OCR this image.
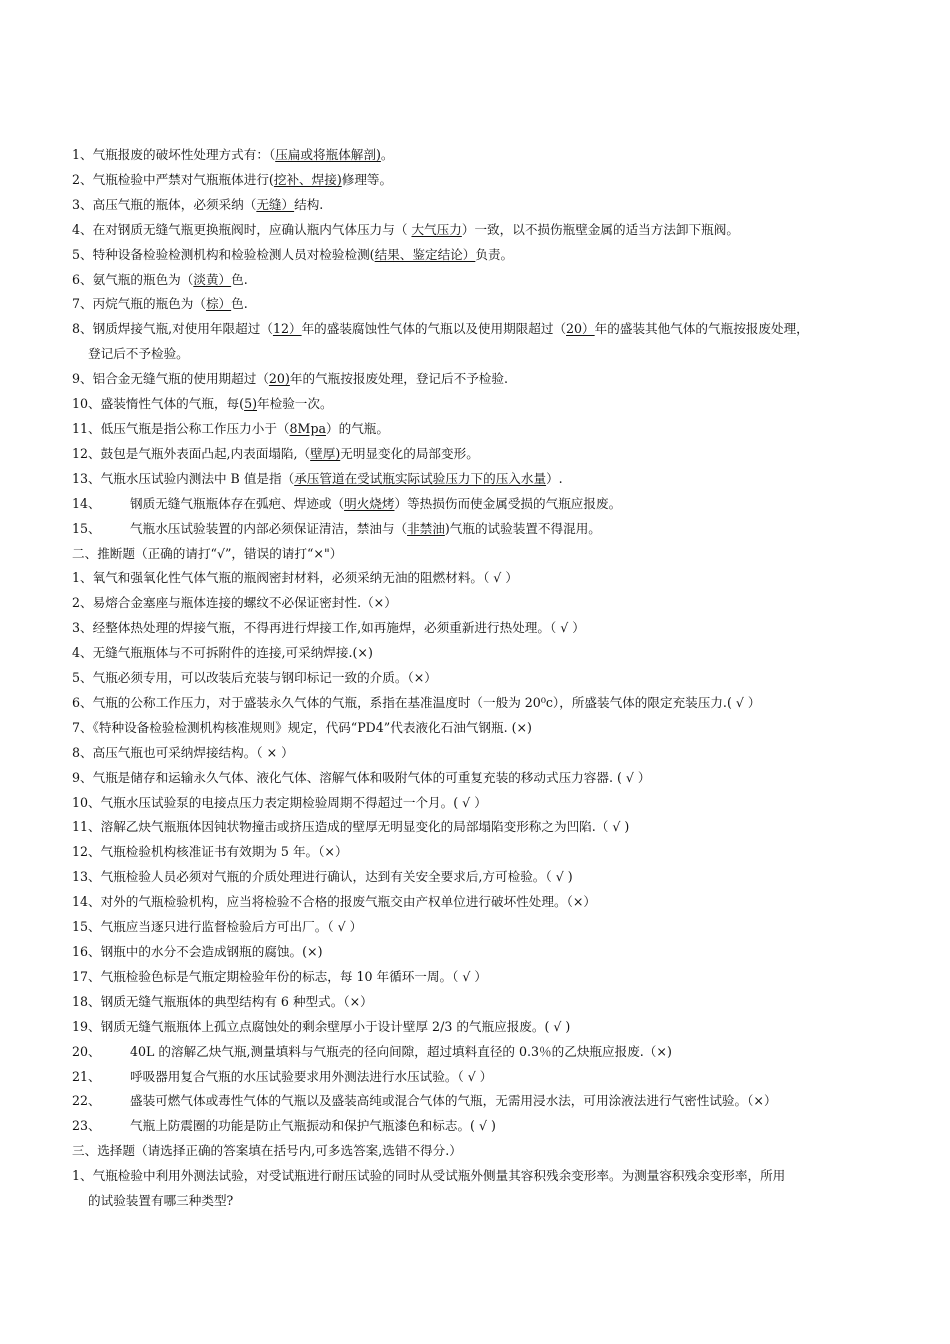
1、气瓶报废的破坏性处理方式有：（压扁或将瓶体解剖)。
2、气瓶检验中严禁对气瓶瓶体进行(挖补、焊接)修理等。
3、高压气瓶的瓶体，必须采纳（无缝）结构.
4、在对钢质无缝气瓶更换瓶阀时，应确认瓶内气体压力与（ 大气压力）一致，以不损伤瓶壁金属的适当方法卸下瓶阀。
5、特种设备检验检测机构和检验检测人员对检验检测(结果、鉴定结论）负责。
6、氨气瓶的瓶色为（淡黄）色.
7、丙烷气瓶的瓶色为（棕）色.
8、钢质焊接气瓶,对使用年限超过（12）年的盛装腐蚀性气体的气瓶以及使用期限超过（20）年的盛装其他气体的气瓶按报废处理，
登记后不予检验。
9、铝合金无缝气瓶的使用期超过（20)年的气瓶按报废处理，登记后不予检验.
10、盛装惰性气体的气瓶，每(5)年检验一次。
11、低压气瓶是指公称工作压力小于（8Mpa）的气瓶。
12、鼓包是气瓶外表面凸起,内表面塌陷,（壁厚)无明显变化的局部变形。
13、气瓶水压试验内测法中 B 值是指（承压管道在受试瓶实际试验压力下的压入水量）.
14、 钢质无缝气瓶瓶体存在弧疤、焊迹或（明火烧烤）等热损伤而使金属受损的气瓶应报废。
15、 气瓶水压试验装置的内部必须保证清洁，禁油与（非禁油)气瓶的试验装置不得混用。
二、推断题（正确的请打“√”，错误的请打“×"）
1、氧气和强氧化性气体气瓶的瓶阀密封材料，必须采纳无油的阻燃材料。（ √ ）
2、易熔合金塞座与瓶体连接的螺纹不必保证密封性.（×）
3、经整体热处理的焊接气瓶，不得再进行焊接工作,如再施焊，必须重新进行热处理。（ √ ）
4、无缝气瓶瓶体与不可拆附件的连接,可采纳焊接.(×)
5、气瓶必须专用，可以改装后充装与钢印标记一致的介质。（×）
6、气瓶的公称工作压力，对于盛装永久气体的气瓶，系指在基准温度时（一般为 20⁰c），所盛装气体的限定充装压力.( √ ）
7、《特种设备检验检测机构核准规则》规定，代码“PD4”代表液化石油气钢瓶. (×)
8、高压气瓶也可采纳焊接结构。（ × ）
9、气瓶是储存和运输永久气体、液化气体、溶解气体和吸附气体的可重复充装的移动式压力容器. ( √ ）
10、气瓶水压试验泵的电接点压力表定期检验周期不得超过一个月。( √ ）
11、溶解乙炔气瓶瓶体因钝状物撞击或挤压造成的壁厚无明显变化的局部塌陷变形称之为凹陷.（ √ )
12、气瓶检验机构核准证书有效期为 5 年。（×）
13、气瓶检验人员必须对气瓶的介质处理进行确认，达到有关安全要求后,方可检验。（ √ )
14、对外的气瓶检验机构，应当将检验不合格的报废气瓶交由产权单位进行破坏性处理。（×）
15、气瓶应当逐只进行监督检验后方可出厂。（ √ ）
16、钢瓶中的水分不会造成钢瓶的腐蚀。(×)
17、气瓶检验色标是气瓶定期检验年份的标志，每 10 年循环一周。（ √ ）
18、钢质无缝气瓶瓶体的典型结构有 6 种型式。（×）
19、钢质无缝气瓶瓶体上孤立点腐蚀处的剩余壁厚小于设计壁厚 2/3 的气瓶应报废。( √ )
20、 40L 的溶解乙炔气瓶,测量填料与气瓶壳的径向间隙，超过填料直径的 0.3％的乙炔瓶应报废.（×)
21、 呼吸器用复合气瓶的水压试验要求用外测法进行水压试验。（ √ ）
22、 盛装可燃气体或毒性气体的气瓶以及盛装高纯或混合气体的气瓶，无需用浸水法，可用涂液法进行气密性试验。（×）
23、 气瓶上防震圈的功能是防止气瓶振动和保护气瓶漆色和标志。( √ )
三、选择题（请选择正确的答案填在括号内,可多选答案,选错不得分.）
1、气瓶检验中利用外测法试验，对受试瓶进行耐压试验的同时从受试瓶外侧量其容积残余变形率。为测量容积残余变形率，所用
的试验装置有哪三种类型?
